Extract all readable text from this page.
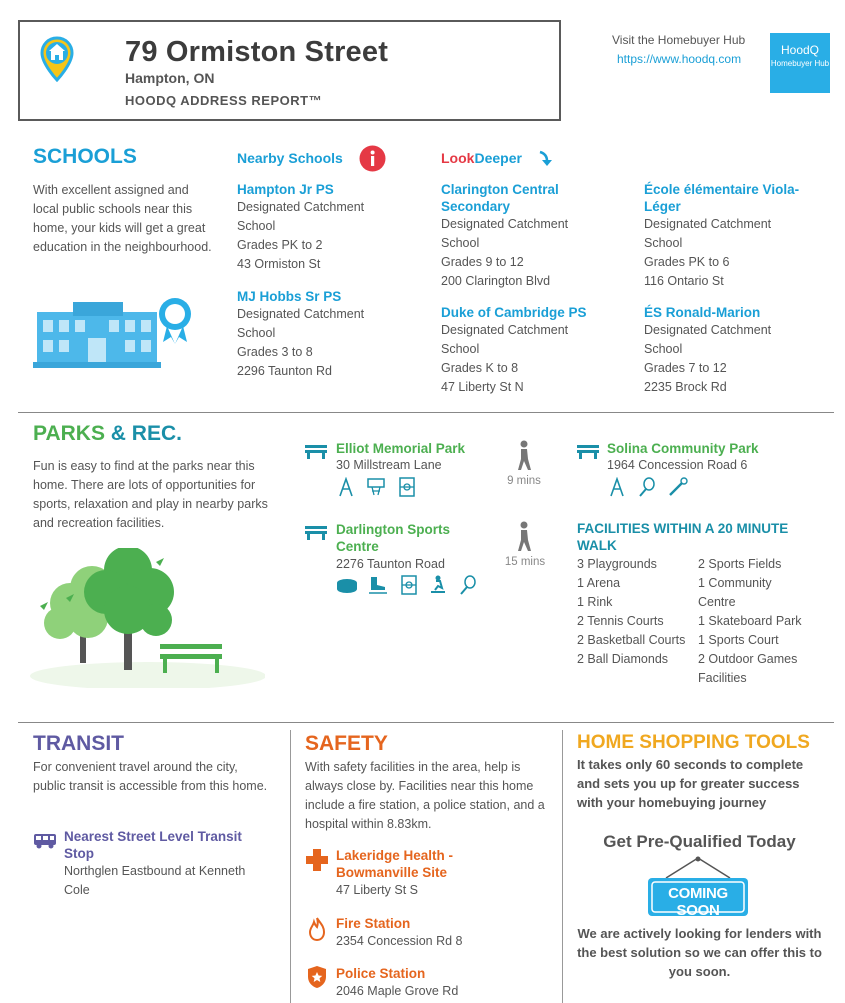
79 Ormiston Street
Hampton, ON
HOODQ ADDRESS REPORT™
Visit the Homebuyer Hub
https://www.hoodq.com
HoodQ
Homebuyer Hub
SCHOOLS
With excellent assigned and local public schools near this home, your kids will get a great education in the neighbourhood.
Nearby Schools	LookDeeper
Hampton Jr PS
Designated Catchment
School
Grades PK to 2
43 Ormiston St
MJ Hobbs Sr PS
Designated Catchment
School
Grades 3 to 8
2296 Taunton Rd
Clarington Central
Secondary
Designated Catchment
School
Grades 9 to 12
200 Clarington Blvd
Duke of Cambridge PS
Designated Catchment
School
Grades K to 8
47 Liberty St N
École élémentaire Viola-
Léger
Designated Catchment
School
Grades PK to 6
116 Ontario St
ÉS Ronald-Marion
Designated Catchment
School
Grades 7 to 12
2235 Brock Rd
PARKS & REC.
Fun is easy to find at the parks near this home. There are lots of opportunities for sports, relaxation and play in nearby parks and recreation facilities.
Elliot Memorial Park
30 Millstream Lane

9 mins
Solina Community Park
1964 Concession Road 6

Darlington Sports
Centre
2276 Taunton Road
	15 mins
FACILITIES WITHIN A 20 MINUTE
WALK
3 Playgrounds
1 Arena
1 Rink
2 Tennis Courts
2 Basketball Courts
2 Ball Diamonds
2 Sports Fields
1 Community
Centre
1 Skateboard Park
1 Sports Court
2 Outdoor Games
Facilities
TRANSIT
For convenient travel around the city, public transit is accessible from this home.
Nearest Street Level Transit
Stop
Northglen Eastbound at Kenneth
Cole
SAFETY
With safety facilities in the area, help is always close by. Facilities near this home include a fire station, a police station, and a hospital within 8.83km.
Lakeridge Health -
Bowmanville Site
47 Liberty St S
Fire Station
2354 Concession Rd 8
Police Station
2046 Maple Grove Rd
HOME SHOPPING TOOLS
It takes only 60 seconds to complete and sets you up for greater success with your homebuying journey
Get Pre-Qualified Today
COMING SOON
We are actively looking for lenders with the best solution so we can offer this to you soon.
